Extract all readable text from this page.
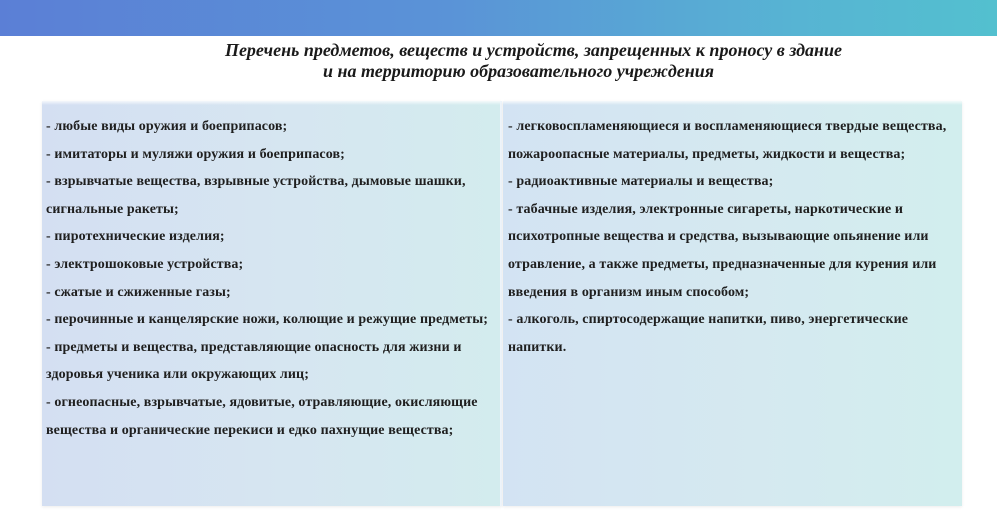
Перечень предметов, веществ и устройств, запрещенных к проносу в здание
и на территорию образовательного учреждения
- любые виды оружия и боеприпасов;
- имитаторы и муляжи оружия и боеприпасов;
- взрывчатые вещества, взрывные устройства, дымовые шашки, сигнальные ракеты;
- пиротехнические изделия;
- электрошоковые устройства;
- сжатые и сжиженные газы;
- перочинные и канцелярские ножи, колющие и режущие предметы;
- предметы и вещества, представляющие опасность для жизни и здоровья ученика или окружающих лиц;
- огнеопасные, взрывчатые, ядовитые, отравляющие, окисляющие вещества и органические перекиси и едко пахнущие вещества;
- легковоспламеняющиеся и воспламеняющиеся твердые вещества, пожароопасные материалы, предметы, жидкости и вещества;
- радиоактивные материалы и вещества;
- табачные изделия, электронные сигареты, наркотические и психотропные вещества и средства, вызывающие опьянение или отравление, а также предметы, предназначенные для курения или введения в организм иным способом;
- алкоголь, спиртосодержащие напитки, пиво, энергетические напитки.
